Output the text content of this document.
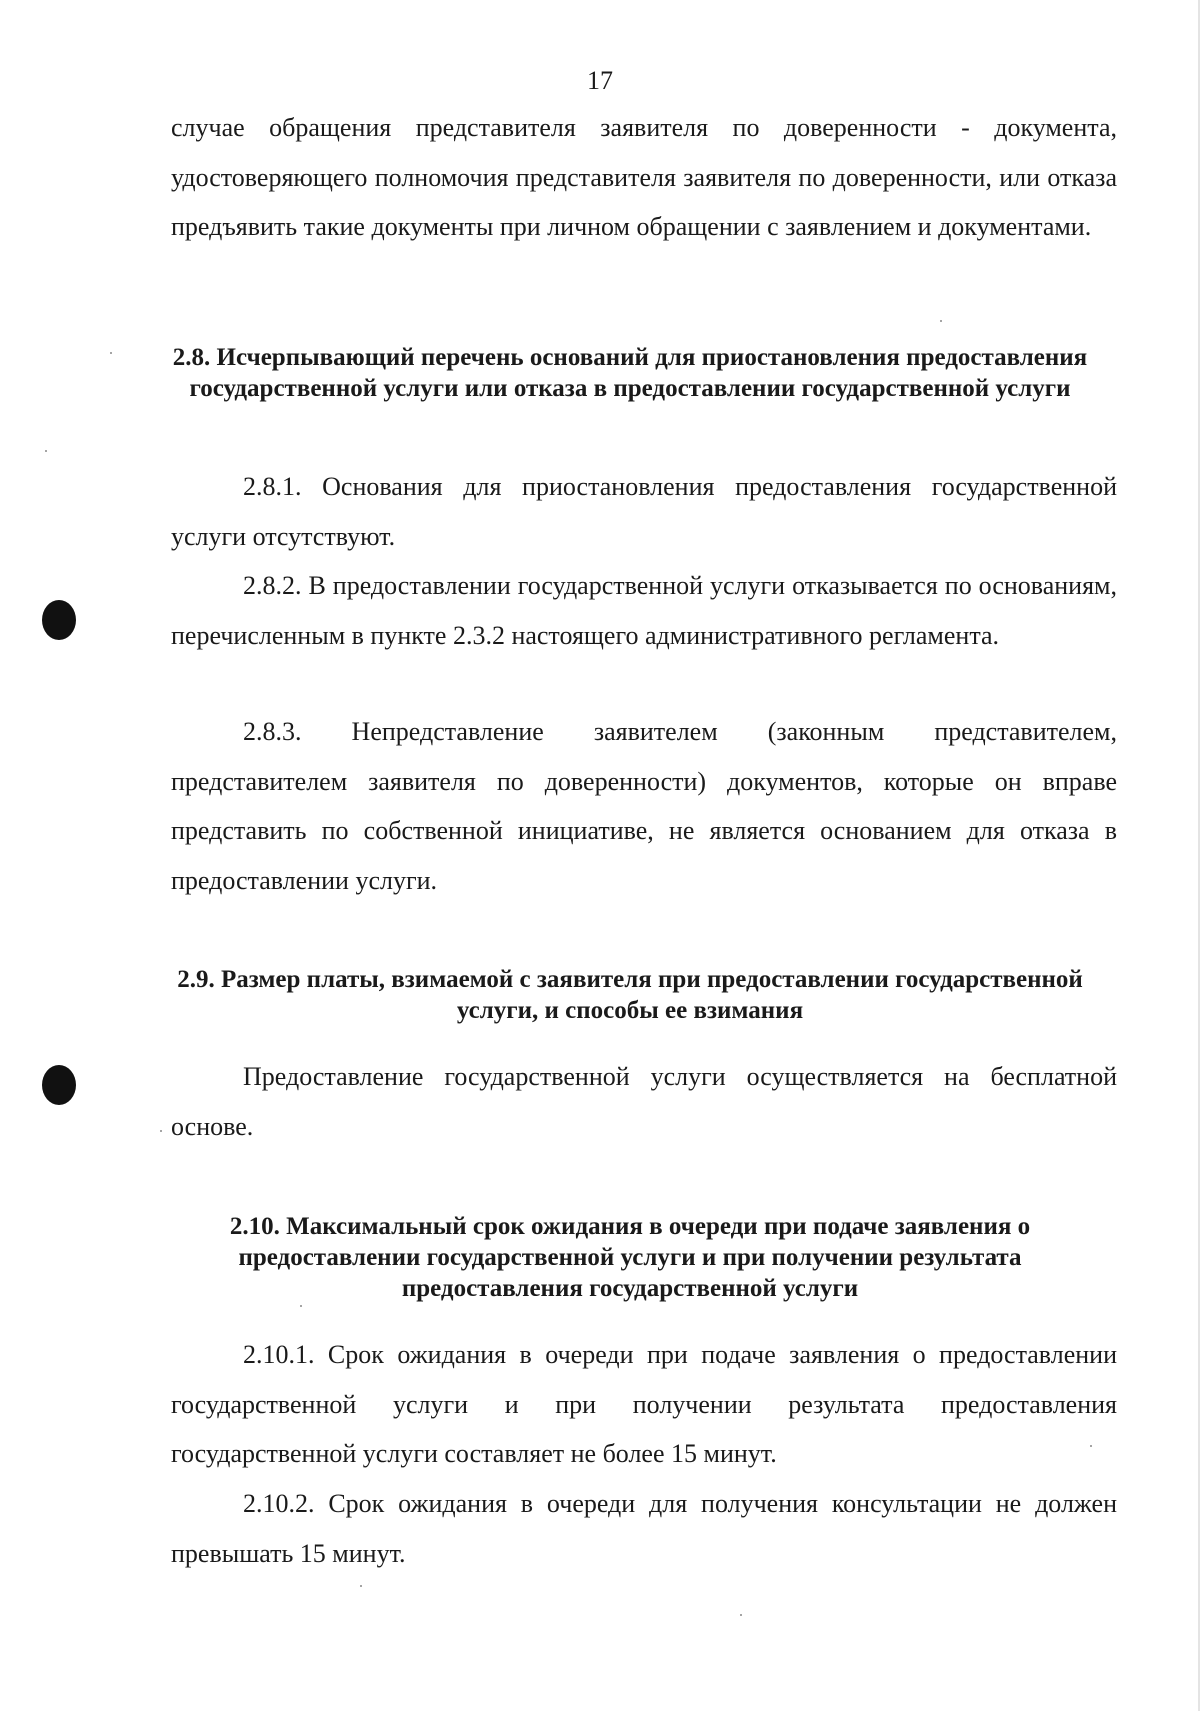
17

случае обращения представителя заявителя по доверенности - документа, удостоверяющего полномочия представителя заявителя по доверенности, или отказа предъявить такие документы при личном обращении с заявлением и документами.

2.8. Исчерпывающий перечень оснований для приостановления предоставления государственной услуги или отказа в предоставлении государственной услуги

2.8.1. Основания для приостановления предоставления государственной услуги отсутствуют.

2.8.2. В предоставлении государственной услуги отказывается по основаниям, перечисленным в пункте 2.3.2 настоящего административного регламента.

2.8.3. Непредставление заявителем (законным представителем, представителем заявителя по доверенности) документов, которые он вправе представить по собственной инициативе, не является основанием для отказа в предоставлении услуги.

2.9. Размер платы, взимаемой с заявителя при предоставлении государственной услуги, и способы ее взимания

Предоставление государственной услуги осуществляется на бесплатной основе.

2.10. Максимальный срок ожидания в очереди при подаче заявления о предоставлении государственной услуги и при получении результата предоставления государственной услуги

2.10.1. Срок ожидания в очереди при подаче заявления о предоставлении государственной услуги и при получении результата предоставления государственной услуги составляет не более 15 минут.

2.10.2. Срок ожидания в очереди для получения консультации не должен превышать 15 минут.
